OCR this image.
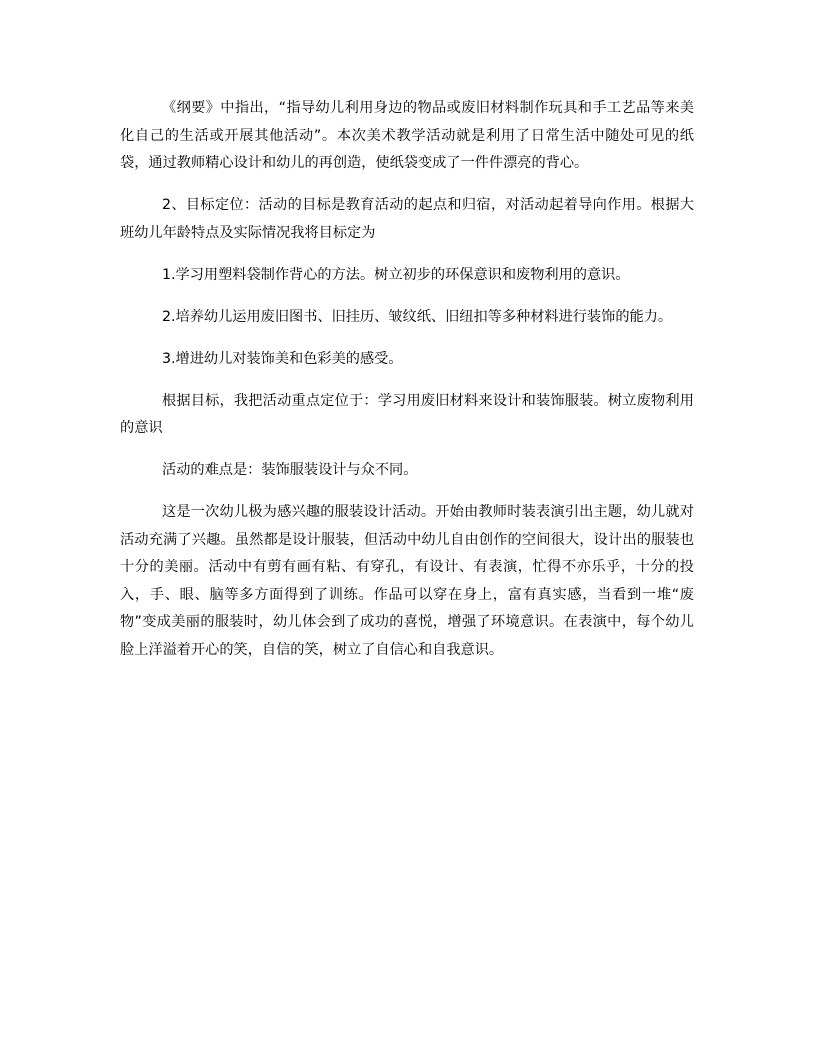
《纲要》中指出，“指导幼儿利用身边的物品或废旧材料制作玩具和手工艺品等来美化自己的生活或开展其他活动”。本次美术教学活动就是利用了日常生活中随处可见的纸袋，通过教师精心设计和幼儿的再创造，使纸袋变成了一件件漂亮的背心。

2、目标定位：活动的目标是教育活动的起点和归宿，对活动起着导向作用。根据大班幼儿年龄特点及实际情况我将目标定为

1.学习用塑料袋制作背心的方法。树立初步的环保意识和废物利用的意识。

2.培养幼儿运用废旧图书、旧挂历、皱纹纸、旧纽扣等多种材料进行装饰的能力。

3.增进幼儿对装饰美和色彩美的感受。

根据目标，我把活动重点定位于：学习用废旧材料来设计和装饰服装。树立废物利用的意识

活动的难点是：装饰服装设计与众不同。

这是一次幼儿极为感兴趣的服装设计活动。开始由教师时装表演引出主题，幼儿就对活动充满了兴趣。虽然都是设计服装，但活动中幼儿自由创作的空间很大，设计出的服装也十分的美丽。活动中有剪有画有粘、有穿孔，有设计、有表演，忙得不亦乐乎，十分的投入，手、眼、脑等多方面得到了训练。作品可以穿在身上，富有真实感，当看到一堆“废物”变成美丽的服装时，幼儿体会到了成功的喜悦，增强了环境意识。在表演中，每个幼儿脸上洋溢着开心的笑，自信的笑，树立了自信心和自我意识。
